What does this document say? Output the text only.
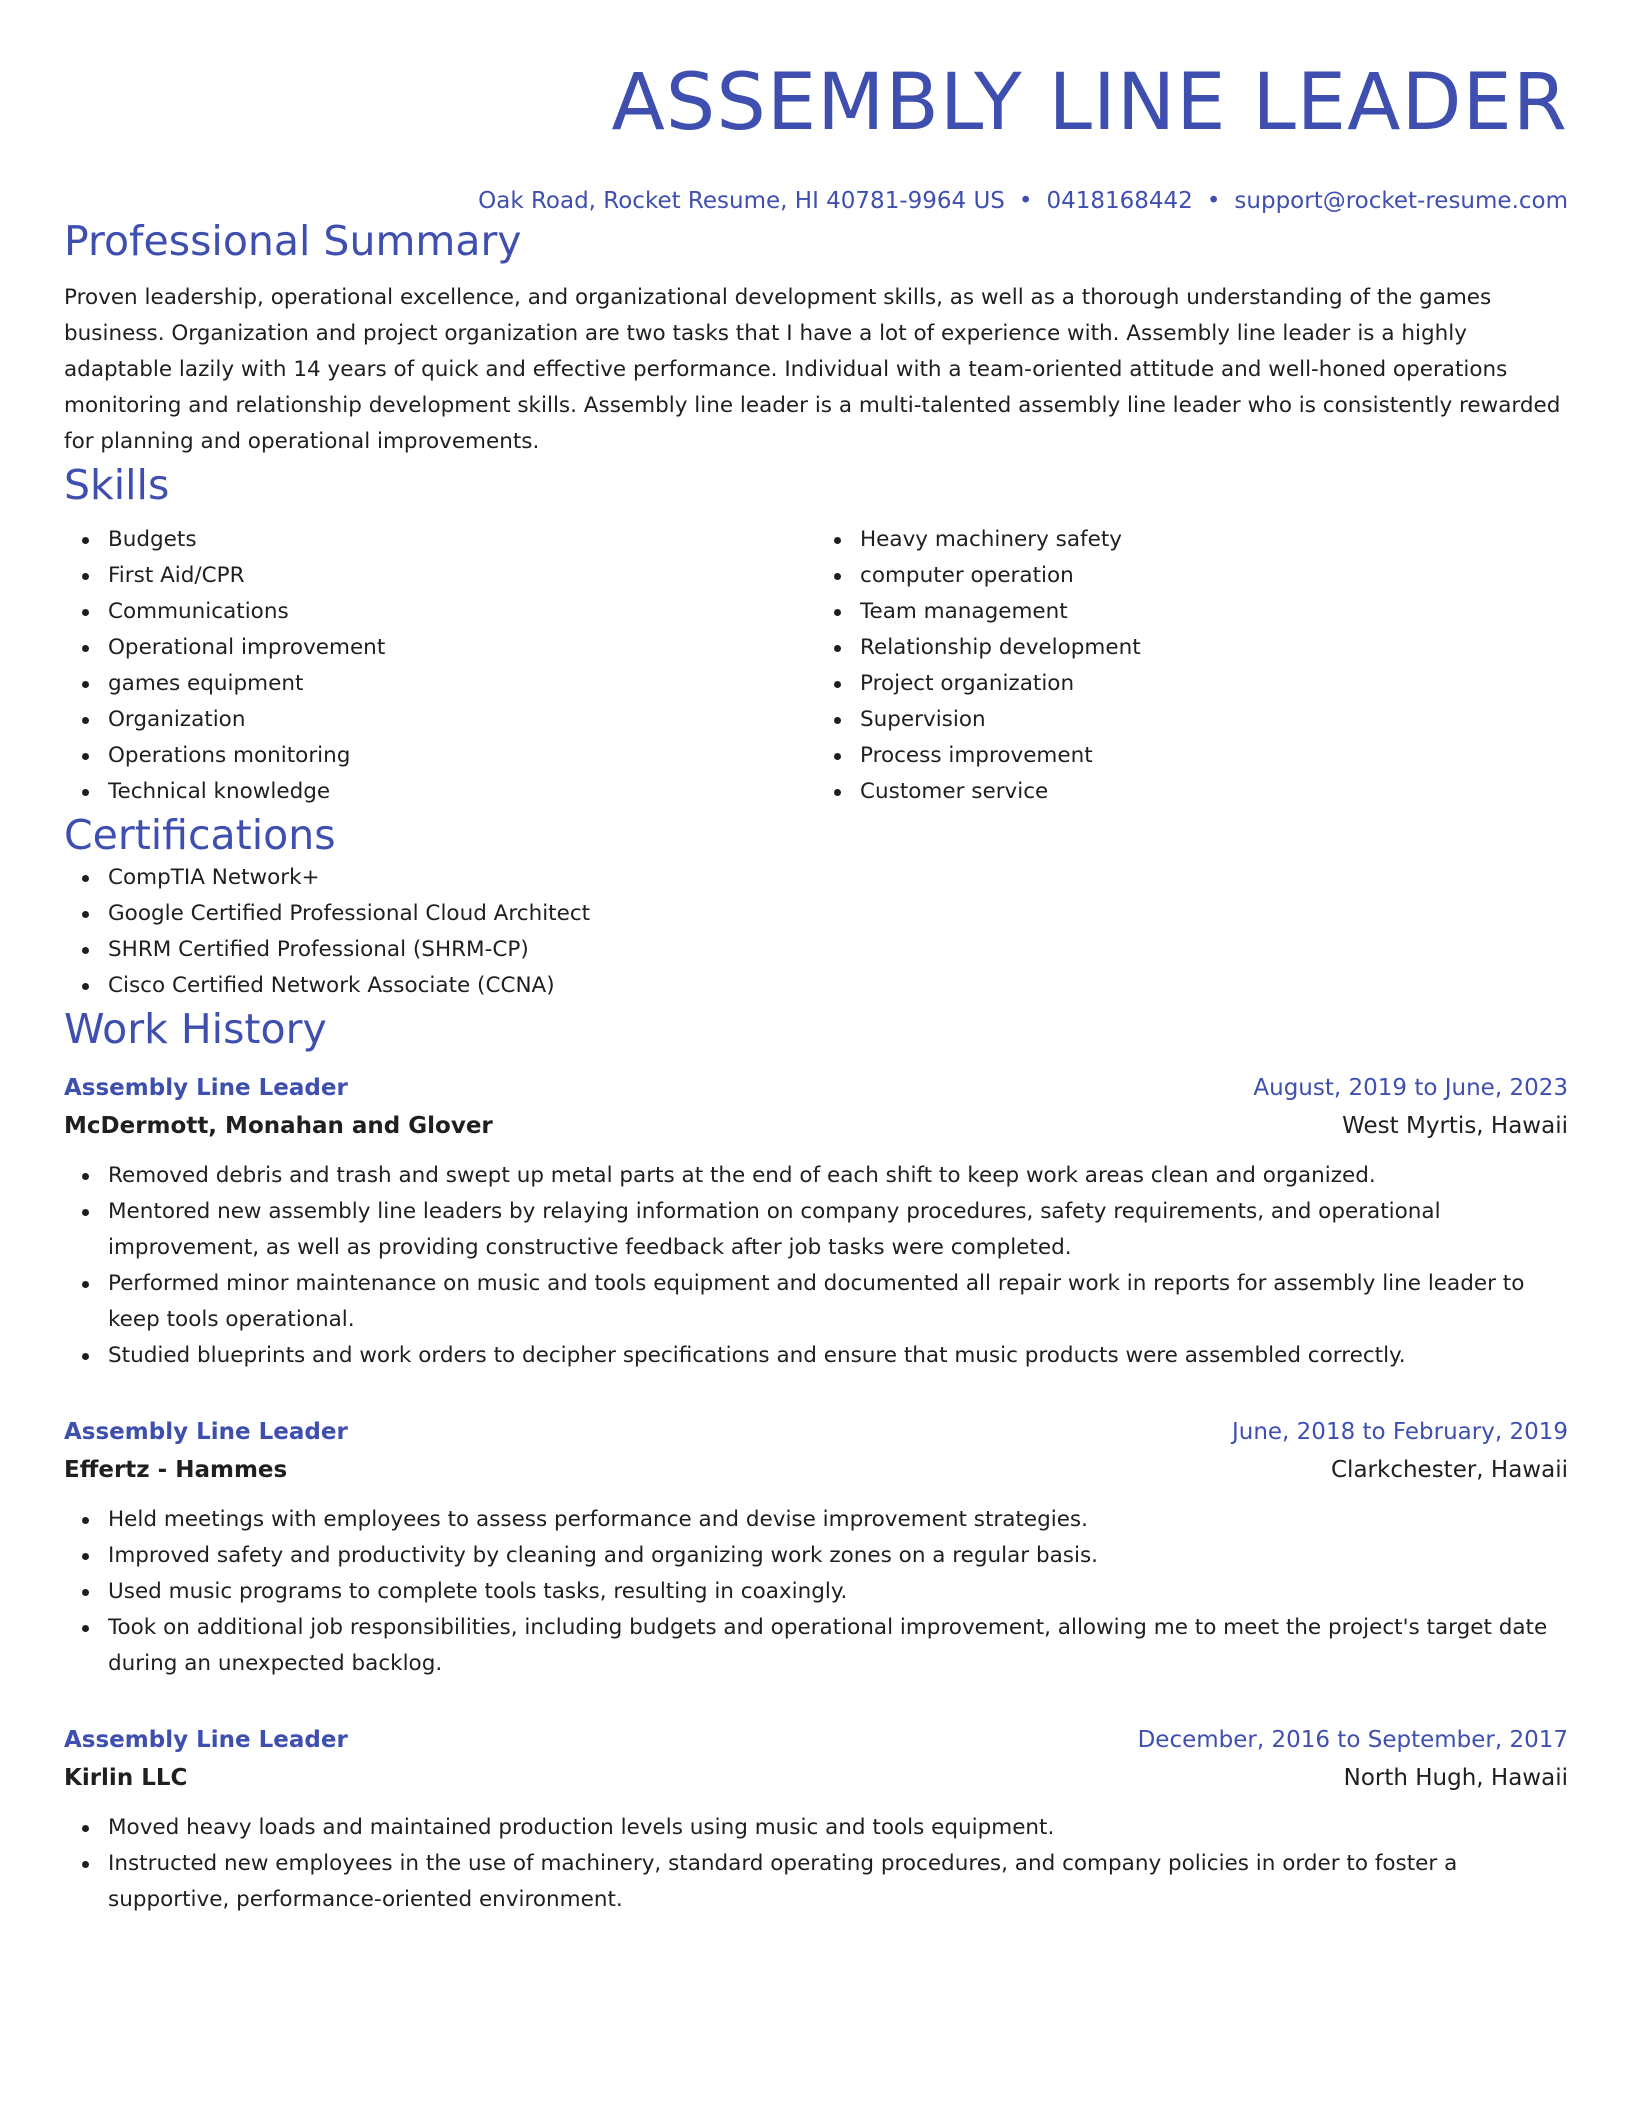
ASSEMBLY LINE LEADER
Oak Road, Rocket Resume, HI 40781-9964 US • 0418168442 • support@rocket-resume.com
Professional Summary

Proven leadership, operational excellence, and organizational development skills, as well as a thorough understanding of the games business. Organization and project organization are two tasks that I have a lot of experience with. Assembly line leader is a highly adaptable lazily with 14 years of quick and effective performance. Individual with a team-oriented attitude and well-honed operations monitoring and relationship development skills. Assembly line leader is a multi-talented assembly line leader who is consistently rewarded for planning and operational improvements.

Skills
Budgets
First Aid/CPR
Communications
Operational improvement
games equipment
Organization
Operations monitoring
Technical knowledge
Heavy machinery safety
computer operation
Team management
Relationship development
Project organization
Supervision
Process improvement
Customer service
Certifications
CompTIA Network+
Google Certified Professional Cloud Architect
SHRM Certified Professional (SHRM-CP)
Cisco Certified Network Associate (CCNA)
Work History
Assembly Line Leader	August, 2019 to June, 2023
McDermott, Monahan and Glover	West Myrtis, Hawaii
Removed debris and trash and swept up metal parts at the end of each shift to keep work areas clean and organized.
Mentored new assembly line leaders by relaying information on company procedures, safety requirements, and operational improvement, as well as providing constructive feedback after job tasks were completed.
Performed minor maintenance on music and tools equipment and documented all repair work in reports for assembly line leader to keep tools operational.
Studied blueprints and work orders to decipher specifications and ensure that music products were assembled correctly.
Assembly Line Leader	June, 2018 to February, 2019
Effertz - Hammes	Clarkchester, Hawaii
Held meetings with employees to assess performance and devise improvement strategies.
Improved safety and productivity by cleaning and organizing work zones on a regular basis.
Used music programs to complete tools tasks, resulting in coaxingly.
Took on additional job responsibilities, including budgets and operational improvement, allowing me to meet the project's target date during an unexpected backlog.
Assembly Line Leader	December, 2016 to September, 2017
Kirlin LLC	North Hugh, Hawaii
Moved heavy loads and maintained production levels using music and tools equipment.
Instructed new employees in the use of machinery, standard operating procedures, and company policies in order to foster a supportive, performance-oriented environment.
